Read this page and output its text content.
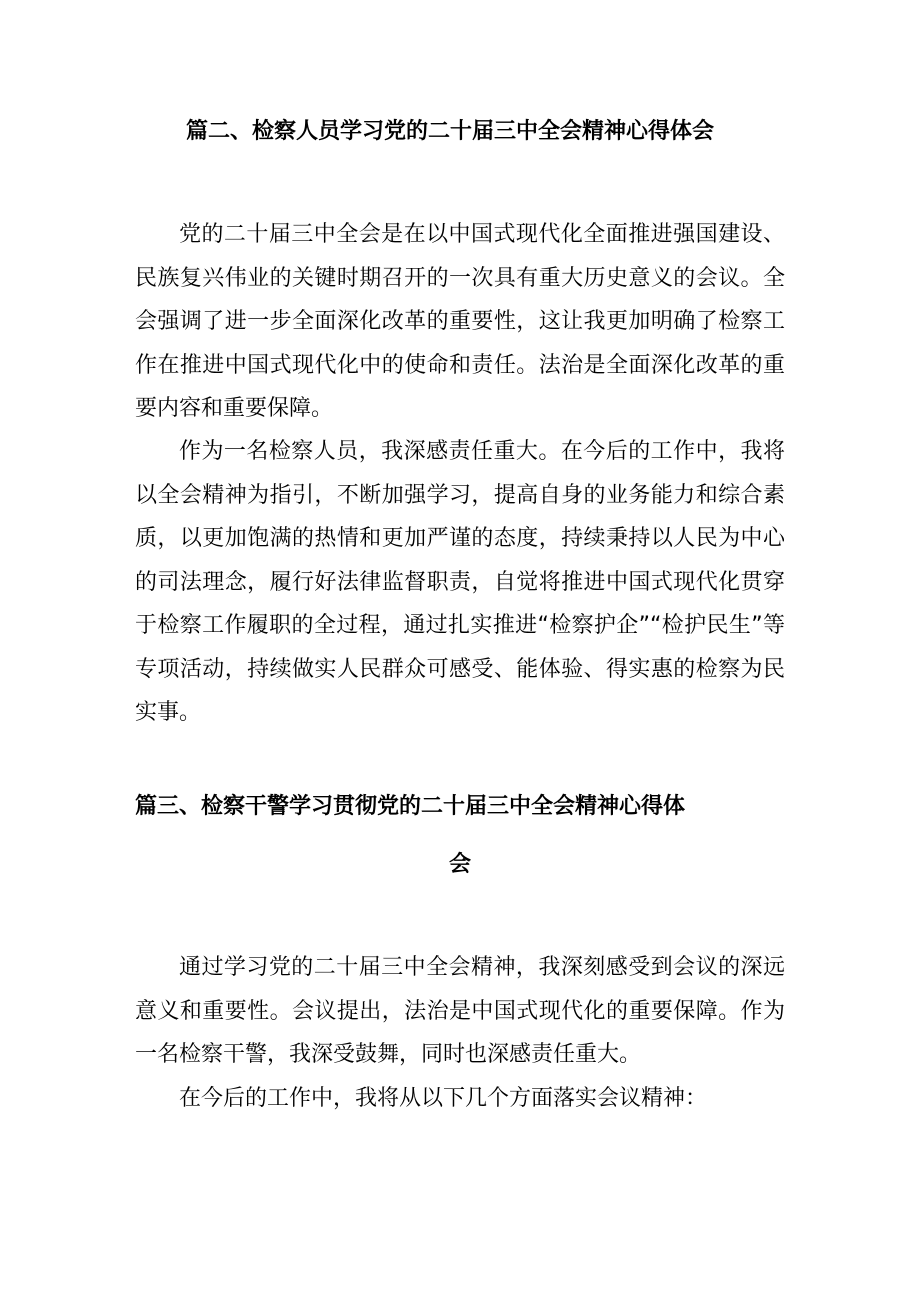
篇二、检察人员学习党的二十届三中全会精神心得体会

党的二十届三中全会是在以中国式现代化全面推进强国建设、民族复兴伟业的关键时期召开的一次具有重大历史意义的会议。全会强调了进一步全面深化改革的重要性，这让我更加明确了检察工作在推进中国式现代化中的使命和责任。法治是全面深化改革的重要内容和重要保障。

作为一名检察人员，我深感责任重大。在今后的工作中，我将以全会精神为指引，不断加强学习，提高自身的业务能力和综合素质，以更加饱满的热情和更加严谨的态度，持续秉持以人民为中心的司法理念，履行好法律监督职责，自觉将推进中国式现代化贯穿于检察工作履职的全过程，通过扎实推进“检察护企”“检护民生”等专项活动，持续做实人民群众可感受、能体验、得实惠的检察为民实事。

篇三、检察干警学习贯彻党的二十届三中全会精神心得体
会

通过学习党的二十届三中全会精神，我深刻感受到会议的深远意义和重要性。会议提出，法治是中国式现代化的重要保障。作为一名检察干警，我深受鼓舞，同时也深感责任重大。

在今后的工作中，我将从以下几个方面落实会议精神：
